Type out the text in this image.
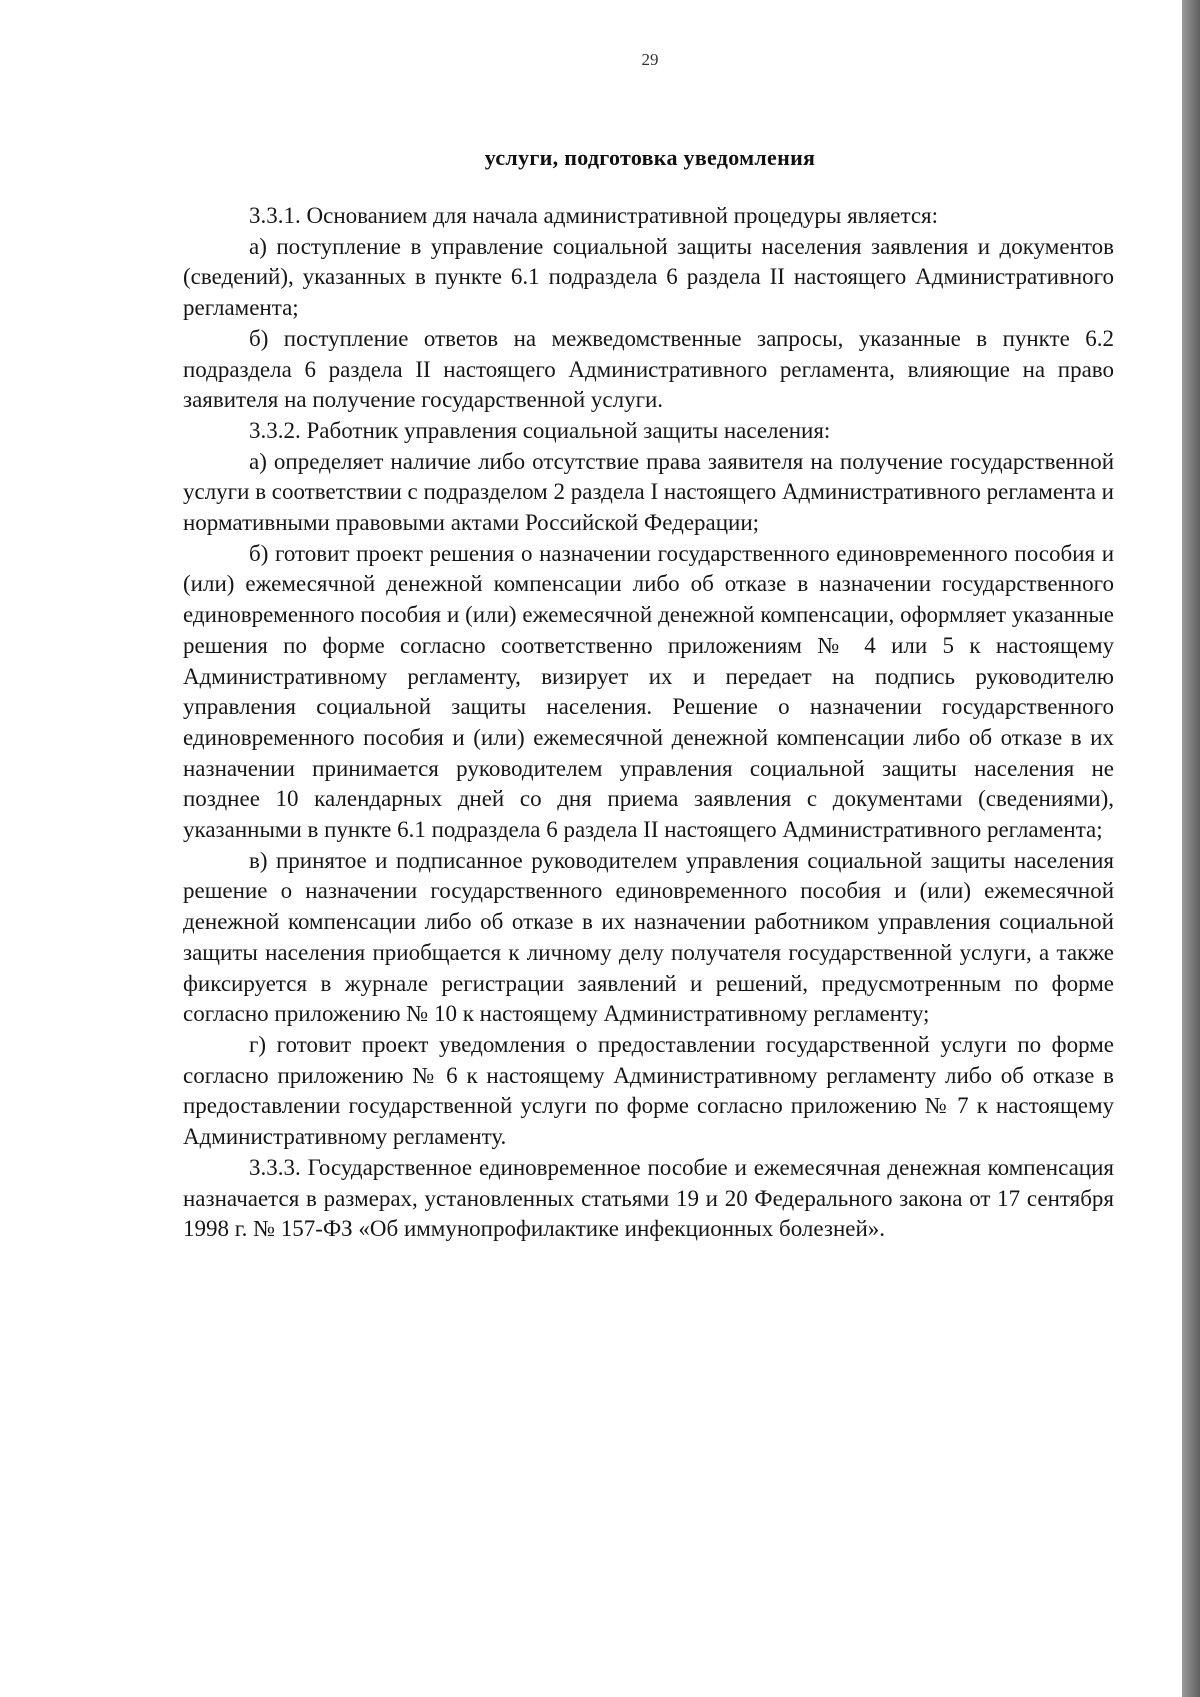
29
услуги, подготовка уведомления

3.3.1. Основанием для начала административной процедуры является:

а) поступление в управление социальной защиты населения заявления и документов (сведений), указанных в пункте 6.1 подраздела 6 раздела II настоящего Административного регламента;

б) поступление ответов на межведомственные запросы, указанные в пункте 6.2 подраздела 6 раздела II настоящего Административного регламента, влияющие на право заявителя на получение государственной услуги.

3.3.2. Работник управления социальной защиты населения:

а) определяет наличие либо отсутствие права заявителя на получение государственной услуги в соответствии с подразделом 2 раздела I настоящего Административного регламента и нормативными правовыми актами Российской Федерации;

б) готовит проект решения о назначении государственного единовременного пособия и (или) ежемесячной денежной компенсации либо об отказе в назначении государственного единовременного пособия и (или) ежемесячной денежной компенсации, оформляет указанные решения по форме согласно соответственно приложениям № 4 или 5 к настоящему Административному регламенту, визирует их и передает на подпись руководителю управления социальной защиты населения. Решение о назначении государственного единовременного пособия и (или) ежемесячной денежной компенсации либо об отказе в их назначении принимается руководителем управления социальной защиты населения не позднее 10 календарных дней со дня приема заявления с документами (сведениями), указанными в пункте 6.1 подраздела 6 раздела II настоящего Административного регламента;

в) принятое и подписанное руководителем управления социальной защиты населения решение о назначении государственного единовременного пособия и (или) ежемесячной денежной компенсации либо об отказе в их назначении работником управления социальной защиты населения приобщается к личному делу получателя государственной услуги, а также фиксируется в журнале регистрации заявлений и решений, предусмотренным по форме согласно приложению № 10 к настоящему Административному регламенту;

г) готовит проект уведомления о предоставлении государственной услуги по форме согласно приложению № 6 к настоящему Административному регламенту либо об отказе в предоставлении государственной услуги по форме согласно приложению № 7 к настоящему Административному регламенту.

3.3.3. Государственное единовременное пособие и ежемесячная денежная компенсация назначается в размерах, установленных статьями 19 и 20 Федерального закона от 17 сентября 1998 г. № 157-ФЗ «Об иммунопрофилактике инфекционных болезней».
